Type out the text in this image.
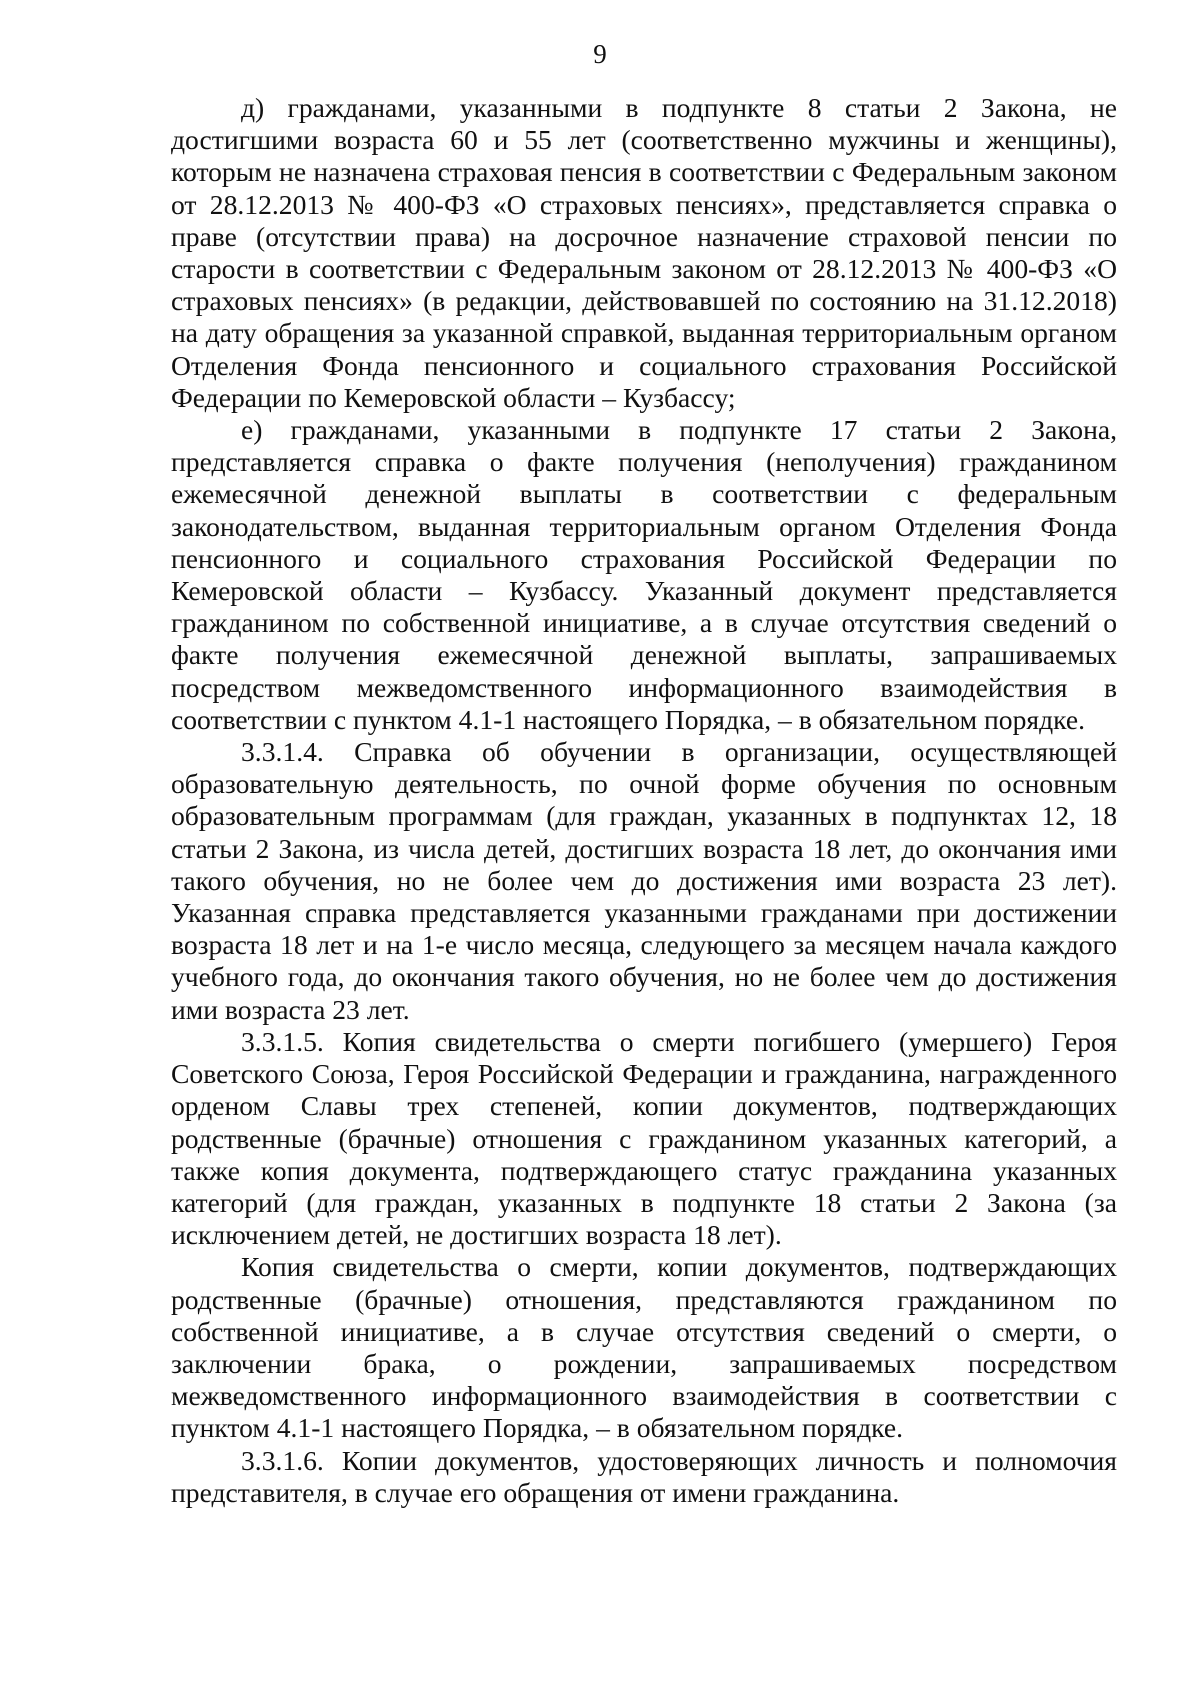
9

д) гражданами, указанными в подпункте 8 статьи 2 Закона, не достигшими возраста 60 и 55 лет (соответственно мужчины и женщины), которым не назначена страховая пенсия в соответствии с Федеральным законом от 28.12.2013 № 400-ФЗ «О страховых пенсиях», представляется справка о праве (отсутствии права) на досрочное назначение страховой пенсии по старости в соответствии с Федеральным законом от 28.12.2013 № 400-ФЗ «О страховых пенсиях» (в редакции, действовавшей по состоянию на 31.12.2018) на дату обращения за указанной справкой, выданная территориальным органом Отделения Фонда пенсионного и социального страхования Российской Федерации по Кемеровской области – Кузбассу;

е) гражданами, указанными в подпункте 17 статьи 2 Закона, представляется справка о факте получения (неполучения) гражданином ежемесячной денежной выплаты в соответствии с федеральным законодательством, выданная территориальным органом Отделения Фонда пенсионного и социального страхования Российской Федерации по Кемеровской области – Кузбассу. Указанный документ представляется гражданином по собственной инициативе, а в случае отсутствия сведений о факте получения ежемесячной денежной выплаты, запрашиваемых посредством межведомственного информационного взаимодействия в соответствии с пунктом 4.1-1 настоящего Порядка, – в обязательном порядке.

3.3.1.4. Справка об обучении в организации, осуществляющей образовательную деятельность, по очной форме обучения по основным образовательным программам (для граждан, указанных в подпунктах 12, 18 статьи 2 Закона, из числа детей, достигших возраста 18 лет, до окончания ими такого обучения, но не более чем до достижения ими возраста 23 лет). Указанная справка представляется указанными гражданами при достижении возраста 18 лет и на 1-е число месяца, следующего за месяцем начала каждого учебного года, до окончания такого обучения, но не более чем до достижения ими возраста 23 лет.

3.3.1.5. Копия свидетельства о смерти погибшего (умершего) Героя Советского Союза, Героя Российской Федерации и гражданина, награжденного орденом Славы трех степеней, копии документов, подтверждающих родственные (брачные) отношения с гражданином указанных категорий, а также копия документа, подтверждающего статус гражданина указанных категорий (для граждан, указанных в подпункте 18 статьи 2 Закона (за исключением детей, не достигших возраста 18 лет).

Копия свидетельства о смерти, копии документов, подтверждающих родственные (брачные) отношения, представляются гражданином по собственной инициативе, а в случае отсутствия сведений о смерти, о заключении брака, о рождении, запрашиваемых посредством межведомственного информационного взаимодействия в соответствии с пунктом 4.1-1 настоящего Порядка, – в обязательном порядке.

3.3.1.6. Копии документов, удостоверяющих личность и полномочия представителя, в случае его обращения от имени гражданина.
